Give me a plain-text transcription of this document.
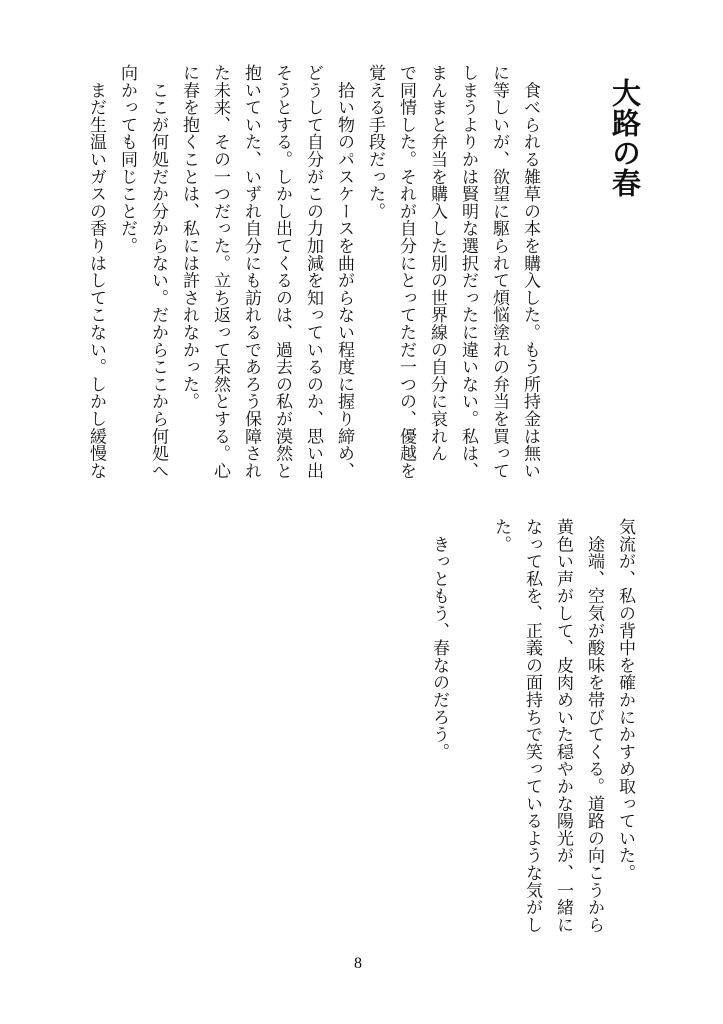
大路の春
　食べられる雑草の本を購入した。もう所持金は無い
に等しいが、欲望に駆られて煩悩塗れの弁当を買って
しまうよりかは賢明な選択だったに違いない。私は、
まんまと弁当を購入した別の世界線の自分に哀れん
で同情した。それが自分にとってただ一つの、優越を
覚える手段だった。
　拾い物のパスケースを曲がらない程度に握り締め、
どうして自分がこの力加減を知っているのか、思い出
そうとする。しかし出てくるのは、過去の私が漠然と
抱いていた、いずれ自分にも訪れるであろう保障され
た未来、その一つだった。立ち返って呆然とする。心
に春を抱くことは、私には許されなかった。
　ここが何処だか分からない。だからここから何処へ
向かっても同じことだ。
　まだ生温いガスの香りはしてこない。しかし緩慢な
気流が、私の背中を確かにかすめ取っていた。
　途端、空気が酸味を帯びてくる。道路の向こうから
黄色い声がして、皮肉めいた穏やかな陽光が、一緒に
なって私を、正義の面持ちで笑っているような気がし
た。

　きっともう、春なのだろう。
8
